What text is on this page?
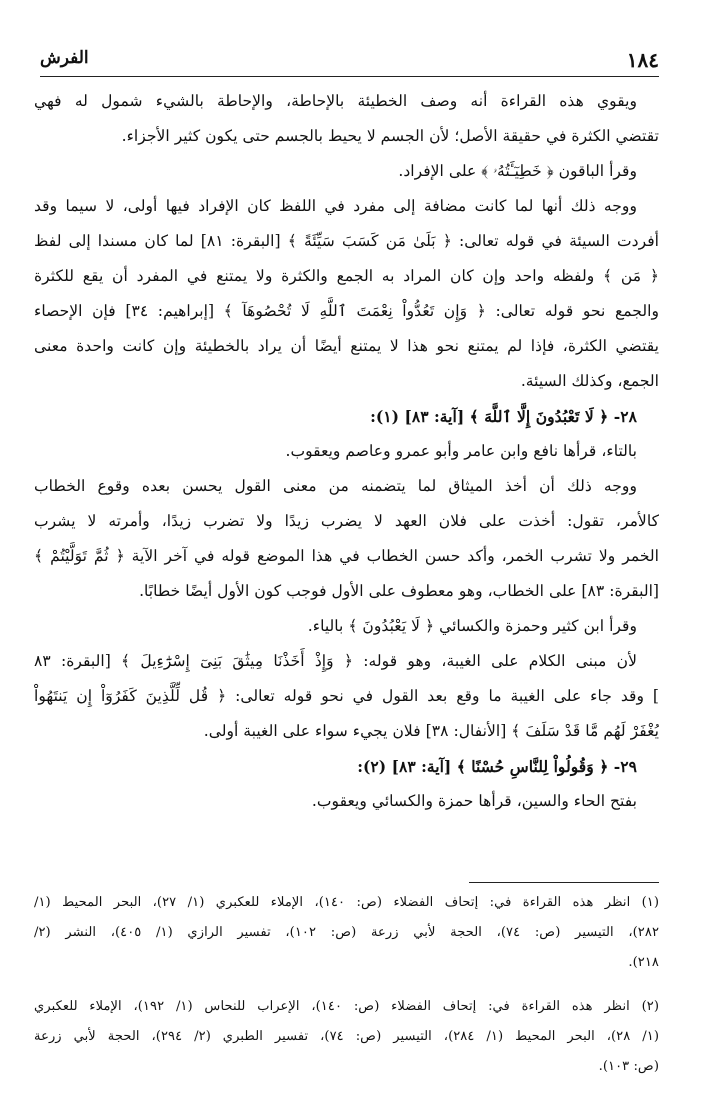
١٨٤
الفرش
ويقوي هذه القراءة أنه وصف الخطيئة بالإحاطة، والإحاطة بالشيء شمول له فهي
تقتضي الكثرة في حقيقة الأصل؛ لأن الجسم لا يحيط بالجسم حتى يكون كثير الأجزاء.
وقرأ الباقون ﴿ خَطِيٓـَٔتُهُۥ ﴾ على الإفراد.
ووجه ذلك أنها لما كانت مضافة إلى مفرد في اللفظ كان الإفراد فيها أولى، لا سيما وقد
أفردت السيئة في قوله تعالى: ﴿ بَلَىٰ مَن كَسَبَ سَيِّئَةً ﴾ [البقرة: ٨١] لما كان مسندا إلى لفظ
﴿ مَن ﴾ ولفظه واحد وإن كان المراد به الجمع والكثرة ولا يمتنع في المفرد أن يقع للكثرة
والجمع نحو قوله تعالى: ﴿ وَإِن تَعُدُّواْ نِعْمَتَ ٱللَّهِ لَا تُحْصُوهَآ ﴾ [إبراهيم: ٣٤] فإن الإحصاء
يقتضي الكثرة، فإذا لم يمتنع نحو هذا لا يمتنع أيضًا أن يراد بالخطيئة وإن كانت واحدة معنى
الجمع، وكذلك السيئة.
٢٨- ﴿ لَا تَعْبُدُونَ إِلَّا ٱللَّهَ ﴾ [آية: ٨٣] (١):
بالتاء، قرأها نافع وابن عامر وأبو عمرو وعاصم ويعقوب.
ووجه ذلك أن أخذ الميثاق لما يتضمنه من معنى القول يحسن بعده وقوع الخطاب
كالأمر، تقول: أخذت على فلان العهد لا يضرب زيدًا ولا تضرب زيدًا، وأمرته لا يشرب
الخمر ولا تشرب الخمر، وأكد حسن الخطاب في هذا الموضع قوله في آخر الآية ﴿ ثُمَّ تَوَلَّيْتُمْ ﴾
[البقرة: ٨٣] على الخطاب، وهو معطوف على الأول فوجب كون الأول أيضًا خطابًا.
وقرأ ابن كثير وحمزة والكسائي ﴿ لَا يَعْبُدُونَ ﴾ بالياء.
لأن مبنى الكلام على الغيبة، وهو قوله: ﴿ وَإِذْ أَخَذْنَا مِيثَٰقَ بَنِىٓ إِسْرَٰٓءِيلَ ﴾ [البقرة: ٨٣
] وقد جاء على الغيبة ما وقع بعد القول في نحو قوله تعالى: ﴿ قُل لِّلَّذِينَ كَفَرُوٓاْ إِن يَنتَهُواْ
يُغْفَرْ لَهُم مَّا قَدْ سَلَفَ ﴾ [الأنفال: ٣٨] فلان يجيء سواء على الغيبة أولى.
٢٩- ﴿ وَقُولُواْ لِلنَّاسِ حُسْنًا ﴾ [آية: ٨٣] (٢):
بفتح الحاء والسين، قرأها حمزة والكسائي ويعقوب.
(١) انظر هذه القراءة في: إتحاف الفضلاء (ص: ١٤٠)، الإملاء للعكبري (١/ ٢٧)، البحر المحيط (١/
٢٨٢)، التيسير (ص: ٧٤)، الحجة لأبي زرعة (ص: ١٠٢)، تفسير الرازي (١/ ٤٠٥)، النشر (٢/
٢١٨).
(٢) انظر هذه القراءة في: إتحاف الفضلاء (ص: ١٤٠)، الإعراب للنحاس (١/ ١٩٢)، الإملاء للعكبري
(١/ ٢٨)، البحر المحيط (١/ ٢٨٤)، التيسير (ص: ٧٤)، تفسير الطبري (٢/ ٢٩٤)، الحجة لأبي زرعة
(ص: ١٠٣).
